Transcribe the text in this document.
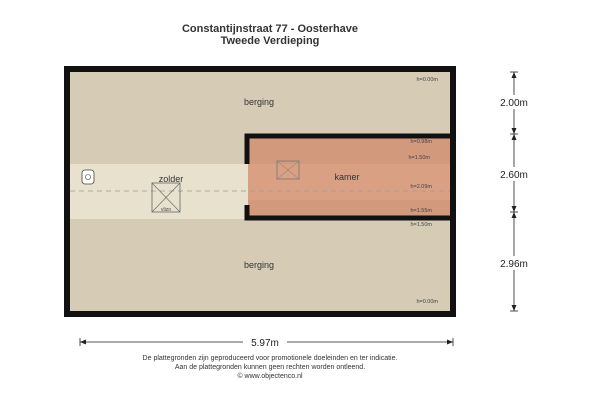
Constantijnstraat 77 - Oosterhave
Tweede Verdieping
berging
zolder	kamer
berging
vlizo
h=0.00m
h=0.98m
h=1.50m
h=2.09m
h=1.55m
h=1.50m
h=0.00m
2.00m
2.60m
2.96m
5.97m
De plattegronden zijn geproduceerd voor promotionele doeleinden en ter indicatie.
Aan de plattegronden kunnen geen rechten worden ontleend.
© www.objectenco.nl
